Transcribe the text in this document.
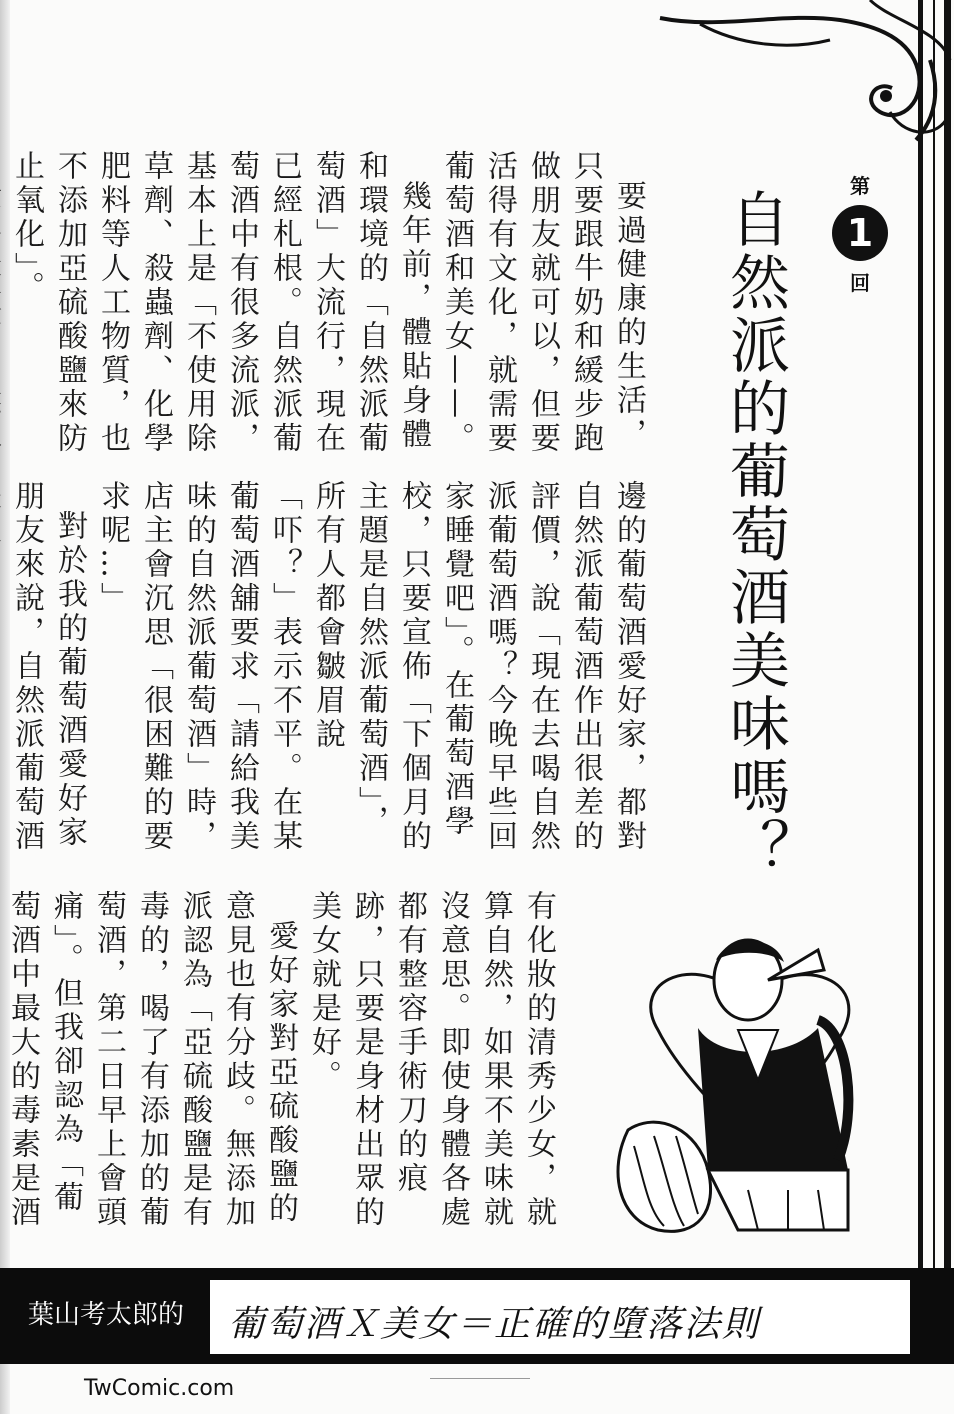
第
1
回
自然派的葡萄酒美味嗎？

要過健康的生活，只要跟牛奶和緩步跑做朋友就可以，但要活得有文化，就需要葡萄酒和美女——。

幾年前，體貼身體和環境的「自然派葡萄酒」大流行，現在已經札根。自然派葡萄酒中有很多流派，基本上是「不使用除草劑、殺蟲劑、化學肥料等人工物質，也不添加亞硫酸鹽來防止氧化」。

邊的葡萄酒愛好家，都對自然派葡萄酒作出很差的評價，說「現在去喝自然派葡萄酒嗎？今晚早些回家睡覺吧」。在葡萄酒學校，只要宣佈「下個月的主題是自然派葡萄酒」，所有人都會皺眉說「吓？」表示不平。在某葡萄酒舖要求「請給我美味的自然派葡萄酒」時，店主會沉思「很困難的要求呢…」

對於我的葡萄酒愛好家朋友來說，自然派葡萄酒

有化妝的清秀少女，就算自然，如果不美味就沒意思。即使身體各處都有整容手術刀的痕跡，只要是身材出眾的美女就是好。

愛好家對亞硫酸鹽的意見也有分歧。無添加派認為「亞硫酸鹽是有毒的，喝了有添加的葡萄酒，第二日早上會頭痛」。但我卻認為「葡萄酒中最大的毒素是酒

葉山考太郎的 葡萄酒Ｘ美女＝正確的墮落法則
TwComic.com
